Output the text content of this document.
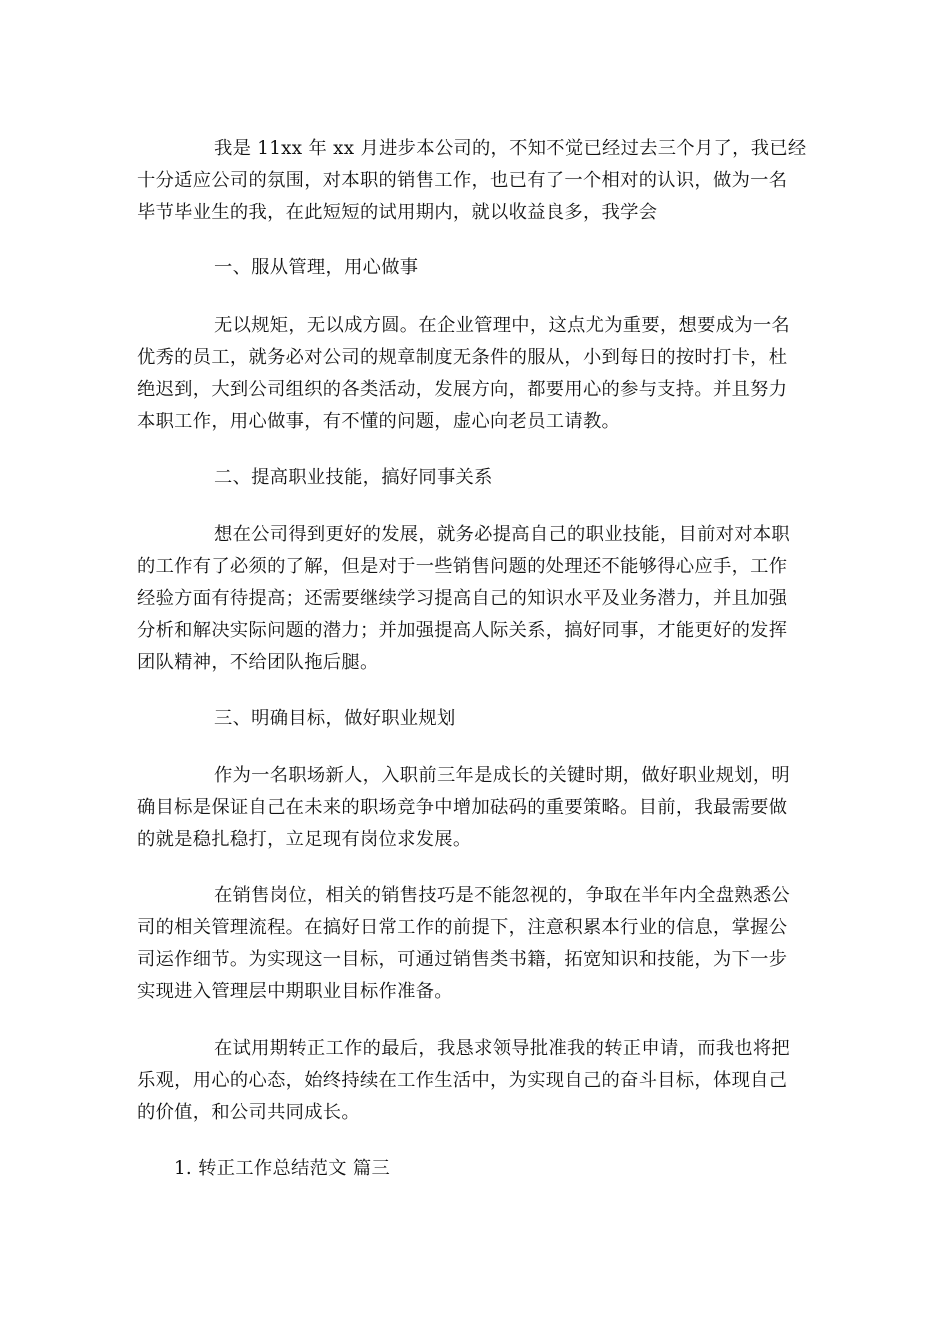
我是 11xx 年 xx 月进步本公司的，不知不觉已经过去三个月了，我已经
十分适应公司的氛围，对本职的销售工作，也已有了一个相对的认识，做为一名
毕节毕业生的我，在此短短的试用期内，就以收益良多，我学会
一、服从管理，用心做事
无以规矩，无以成方圆。在企业管理中，这点尤为重要，想要成为一名
优秀的员工，就务必对公司的规章制度无条件的服从，小到每日的按时打卡，杜
绝迟到，大到公司组织的各类活动，发展方向，都要用心的参与支持。并且努力
本职工作，用心做事，有不懂的问题，虚心向老员工请教。
二、提高职业技能，搞好同事关系
想在公司得到更好的发展，就务必提高自己的职业技能，目前对对本职
的工作有了必须的了解，但是对于一些销售问题的处理还不能够得心应手，工作
经验方面有待提高；还需要继续学习提高自己的知识水平及业务潜力，并且加强
分析和解决实际问题的潜力；并加强提高人际关系，搞好同事，才能更好的发挥
团队精神，不给团队拖后腿。
三、明确目标，做好职业规划
作为一名职场新人，入职前三年是成长的关键时期，做好职业规划，明
确目标是保证自己在未来的职场竞争中增加砝码的重要策略。目前，我最需要做
的就是稳扎稳打，立足现有岗位求发展。
在销售岗位，相关的销售技巧是不能忽视的，争取在半年内全盘熟悉公
司的相关管理流程。在搞好日常工作的前提下，注意积累本行业的信息，掌握公
司运作细节。为实现这一目标，可通过销售类书籍，拓宽知识和技能，为下一步
实现进入管理层中期职业目标作准备。
在试用期转正工作的最后，我恳求领导批准我的转正申请，而我也将把
乐观，用心的心态，始终持续在工作生活中，为实现自己的奋斗目标，体现自己
的价值，和公司共同成长。
1. 转正工作总结范文 篇三
